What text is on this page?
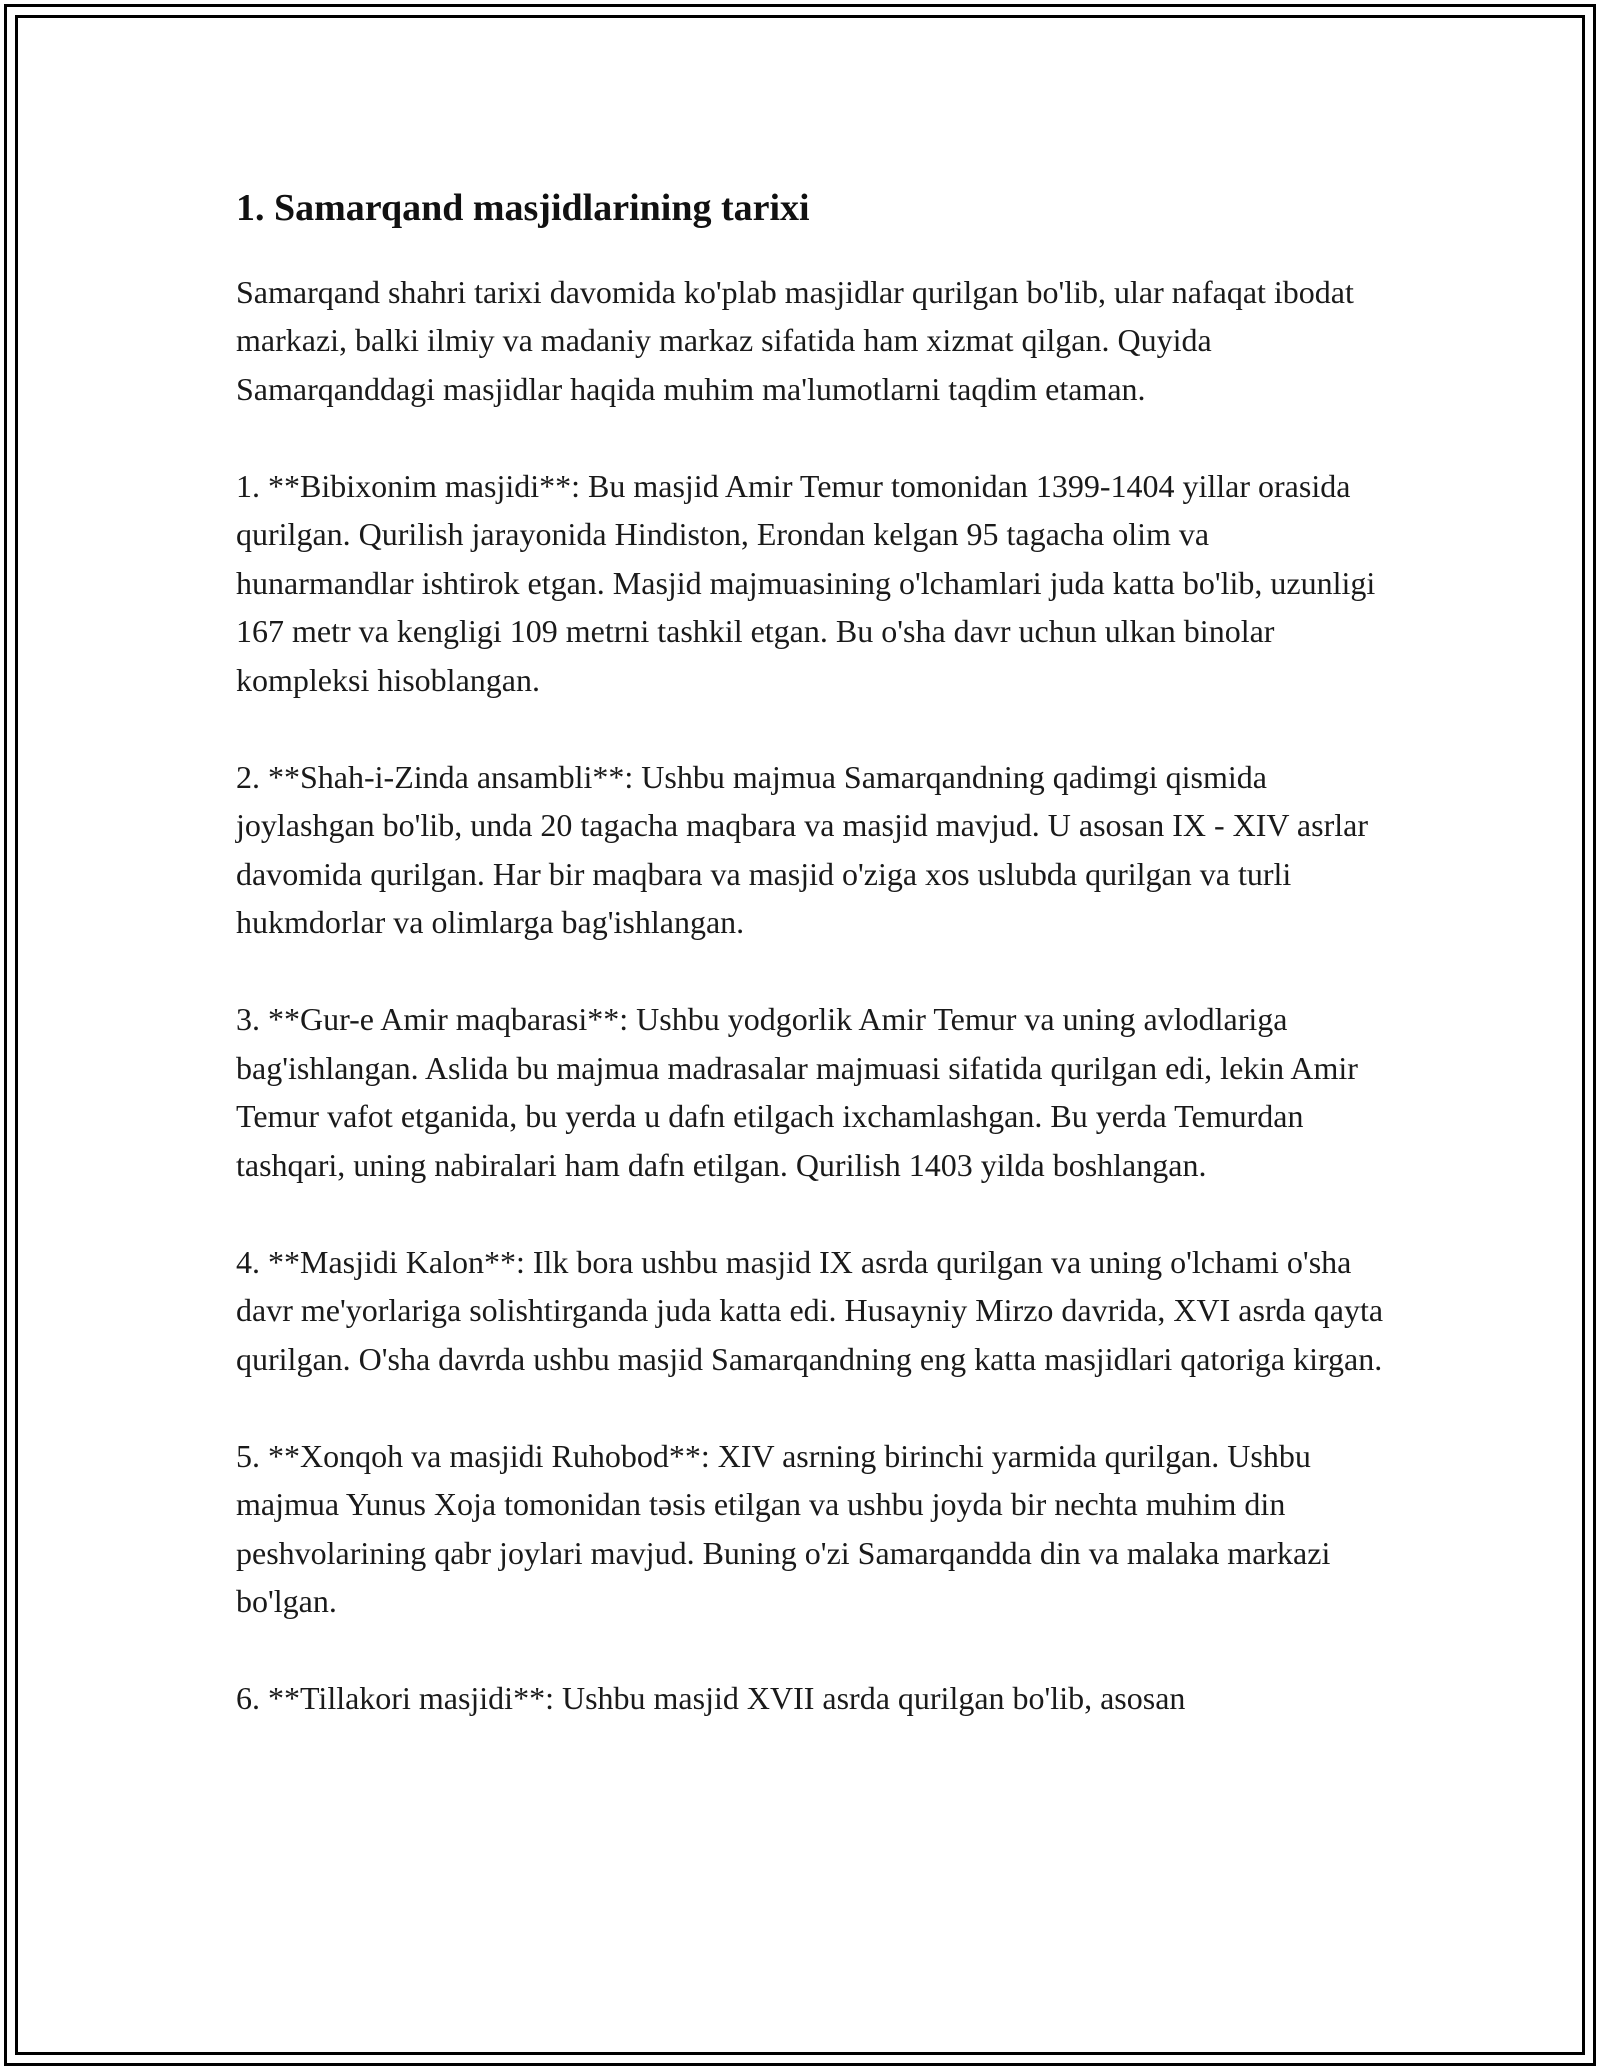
1. Samarqand masjidlarining tarixi

Samarqand shahri tarixi davomida ko'plab masjidlar qurilgan bo'lib, ular nafaqat ibodat markazi, balki ilmiy va madaniy markaz sifatida ham xizmat qilgan. Quyida Samarqanddagi masjidlar haqida muhim ma'lumotlarni taqdim etaman.

1. **Bibixonim masjidi**: Bu masjid Amir Temur tomonidan 1399-1404 yillar orasida qurilgan. Qurilish jarayonida Hindiston, Erondan kelgan 95 tagacha olim va hunarmandlar ishtirok etgan. Masjid majmuasining o'lchamlari juda katta bo'lib, uzunligi 167 metr va kengligi 109 metrni tashkil etgan. Bu o'sha davr uchun ulkan binolar kompleksi hisoblangan.

2. **Shah-i-Zinda ansambli**: Ushbu majmua Samarqandning qadimgi qismida joylashgan bo'lib, unda 20 tagacha maqbara va masjid mavjud. U asosan IX - XIV asrlar davomida qurilgan. Har bir maqbara va masjid o'ziga xos uslubda qurilgan va turli hukmdorlar va olimlarga bag'ishlangan.

3. **Gur-e Amir maqbarasi**: Ushbu yodgorlik Amir Temur va uning avlodlariga bag'ishlangan. Aslida bu majmua madrasalar majmuasi sifatida qurilgan edi, lekin Amir Temur vafot etganida, bu yerda u dafn etilgach ixchamlashgan. Bu yerda Temurdan tashqari, uning nabiralari ham dafn etilgan. Qurilish 1403 yilda boshlangan.

4. **Masjidi Kalon**: Ilk bora ushbu masjid IX asrda qurilgan va uning o'lchami o'sha davr me'yorlariga solishtirganda juda katta edi. Husayniy Mirzo davrida, XVI asrda qayta qurilgan. O'sha davrda ushbu masjid Samarqandning eng katta masjidlari qatoriga kirgan.

5. **Xonqoh va masjidi Ruhobod**: XIV asrning birinchi yarmida qurilgan. Ushbu majmua Yunus Xoja tomonidan təsis etilgan va ushbu joyda bir nechta muhim din peshvolarining qabr joylari mavjud. Buning o'zi Samarqandda din va malaka markazi bo'lgan.

6. **Tillakori masjidi**: Ushbu masjid XVII asrda qurilgan bo'lib, asosan
